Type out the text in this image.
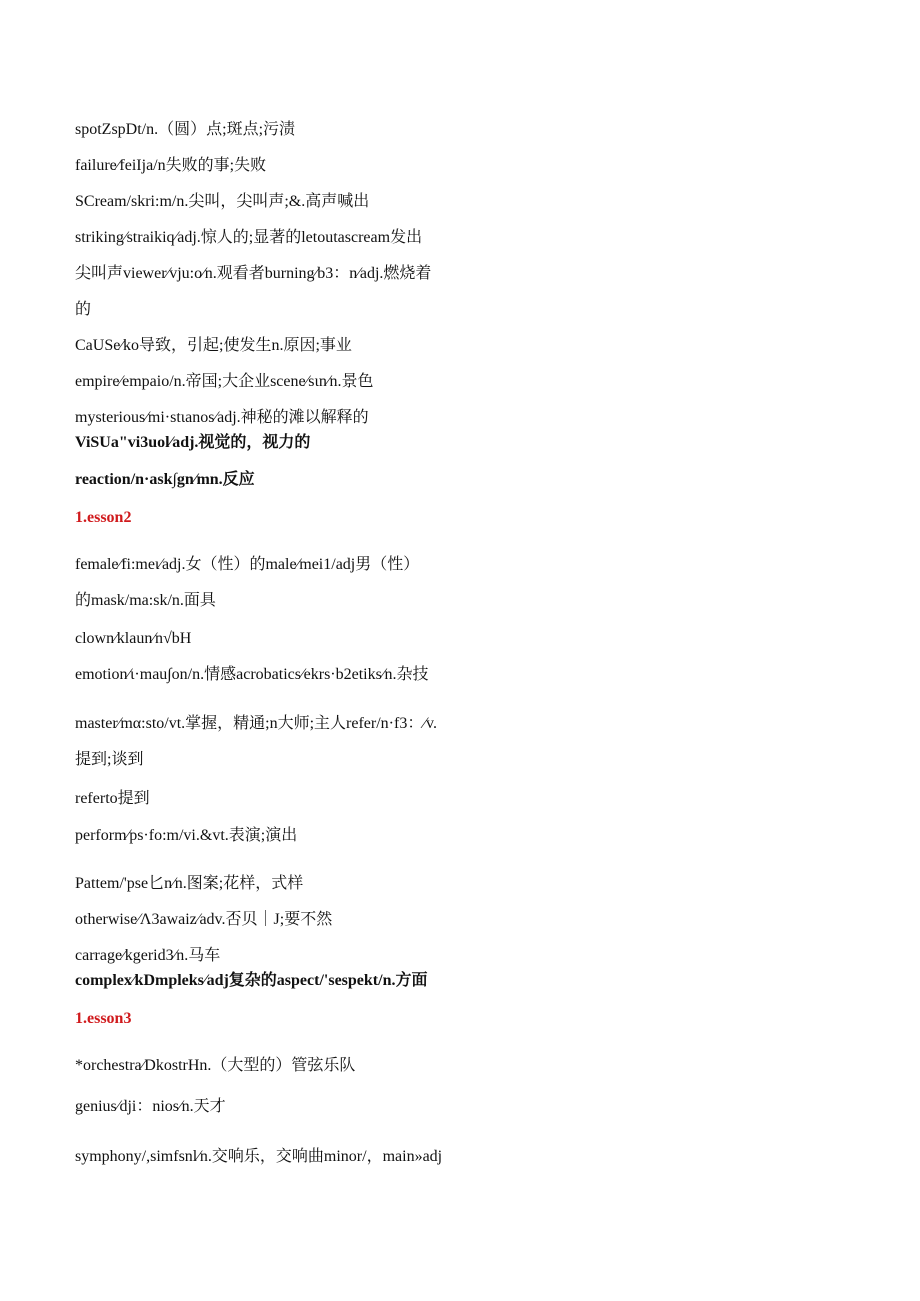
spotZspDt/n.（圆）点;斑点;污渍
failure∕feiIja/n失败的事;失败
SCream/skri:m/n.尖叫，尖叫声;&.高声喊出
striking∕straikiq∕adj.惊人的;显著的letoutascream发出
尖叫声viewer∕vju:o∕n.观看者burning∕b3：n∕adj.燃烧着
的
CaUSe∕ko导致，引起;使发生n.原因;事业
empire∕empaio/n.帝国;大企业scene∕sιn∕n.景色
mysterious∕mi·stιanos∕adj.神秘的滩以解释的
ViSUa"vi3uol∕adj.视觉的，视力的
reaction/n·ask∫gn∕mn.反应
1.esson2
female∕fi:meι∕adj.女（性）的male∕mei1/adj男（性）
的mask/ma:sk/n.面具
clown∕klaun∕n√bH
emotion∕ι·mau∫on/n.情感acrobatics∕ekrs·b2etiks∕n.杂技
master∕mα:sto/vt.掌握，精通;n大师;主人refer/n·f3：∕v.
提到;谈到
referto提到
perform∕ps·fo:m/vi.&vt.表演;演出
Pattem/'pse匕n∕n.图案;花样，式样
otherwise∕Λ3awaiz∕adv.否贝｜J;要不然
carrage∕kgerid3∕n.马车
complex∕kDmpleks∕adj复杂的aspect/'sespekt/n.方面
1.esson3
*orchestra∕DkostrHn.（大型的）管弦乐队
genius∕dji：nios∕n.天才
symphony/,simfsnl∕n.交响乐，交响曲minor/，main»adj
